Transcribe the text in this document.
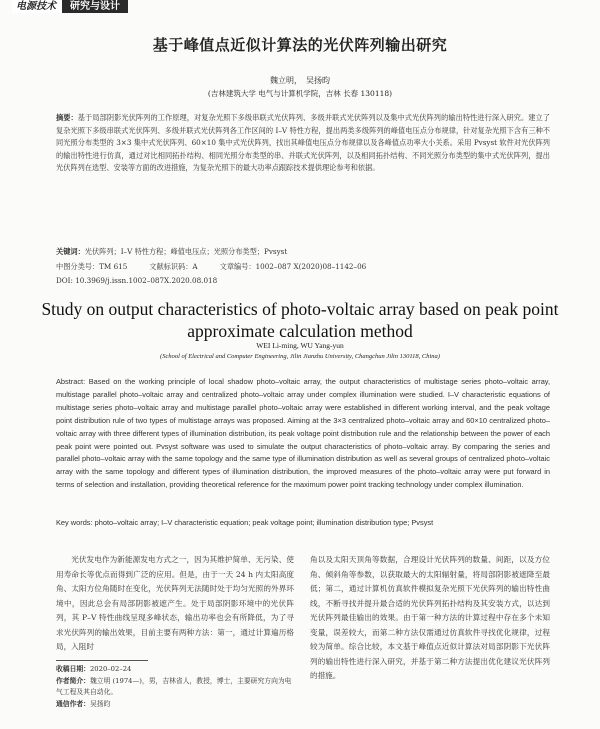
电源技术	研究与设计
基于峰值点近似计算法的光伏阵列输出研究
魏立明，　吴扬昀
(吉林建筑大学 电气与计算机学院，吉林 长春 130118)
摘要：基于局部阴影光伏阵列的工作原理，对复杂光照下多级串联式光伏阵列、多级并联式光伏阵列以及集中式光伏阵列的输出特性进行深入研究。建立了复杂光照下多级串联式光伏阵列、多级并联式光伏阵列各工作区间的 I–V 特性方程，提出两类多级阵列的峰值电压点分布规律，针对复杂光照下含有三种不同光照分布类型的 3×3 集中式光伏阵列、60×10 集中式光伏阵列，找出其峰值电压点分布规律以及各峰值点功率大小关系。采用 Pvsyst 软件对光伏阵列的输出特性进行仿真，通过对比相同拓扑结构、相同光照分布类型的串、并联式光伏阵列，以及相同拓扑结构、不同光照分布类型的集中式光伏阵列，提出光伏阵列在选型、安装等方面的改进措施，为复杂光照下的最大功率点跟踪技术提供理论参考和依据。
关键词：光伏阵列；I–V 特性方程；峰值电压点；光照分布类型；Pvsyst
中图分类号：TM 615	文献标识码：A	文章编号：1002–087 X(2020)08–1142–06
DOI: 10.3969/j.issn.1002–087X.2020.08.018
Study on output characteristics of photo-voltaic array based on peak point approximate calculation method
WEI Li-ming, WU Yang-yun
(School of Electrical and Computer Engineering, Jilin Jianzhu University, Changchun Jilin 130118, China)
Abstract: Based on the working principle of local shadow photo–voltaic array, the output characteristics of multistage series photo–voltaic array, multistage parallel photo–voltaic array and centralized photo–voltaic array under complex illumination were studied. I–V characteristic equations of multistage series photo–voltaic array and multistage parallel photo–voltaic array were established in different working interval, and the peak voltage point distribution rule of two types of multistage arrays was proposed. Aiming at the 3×3 centralized photo–voltaic array and 60×10 centralized photo–voltaic array with three different types of illumination distribution, its peak voltage point distribution rule and the relationship between the power of each peak point were pointed out. Pvsyst software was used to simulate the output characteristics of photo–voltaic array. By comparing the series and parallel photo–voltaic array with the same topology and the same type of illumination distribution as well as several groups of centralized photo–voltaic array with the same topology and different types of illumination distribution, the improved measures of the photo–voltaic array were put forward in terms of selection and installation, providing theoretical reference for the maximum power point tracking technology under complex illumination.
Key words: photo–voltaic array; I–V characteristic equation; peak voltage point; illumination distribution type; Pvsyst
光伏发电作为新能源发电方式之一，因为其维护简单、无污染、使用寿命长等优点而得到广泛的应用。但是，由于一天 24 h 内太阳高度角、太阳方位角随时在变化，光伏阵列无法随时处于均匀光照的外界环境中，因此总会有局部阴影被遮产生。处于局部阴影环境中的光伏阵列，其 P–V 特性曲线呈现多峰状态，输出功率也会有所降低，为了寻求光伏阵列的输出效果，目前主要有两种方法：第一，通过计算遍历格局，入阻时
角以及太阳天顶角等数据，合理设计光伏阵列的数量、间距，以及方位角、倾斜角等参数，以获取最大的太阳辐射量，将局部阴影被遮降至最低；第二，通过计算机仿真软件模拟复杂光照下光伏阵列的输出特性曲线，不断寻找并提升最合适的光伏阵列拓扑结构及其安装方式，以达到光伏阵列最佳输出的效果。由于第一种方法的计算过程中存在多个未知变量，误差较大，而第二种方法仅需通过仿真软件寻找优化规律，过程较为简单。综合比较，本文基于峰值点近似计算法对局部阴影下光伏阵列的输出特性进行深入研究，并基于第二种方法提出优化建议光伏阵列的措施。
收稿日期：2020–02–24
作者简介：魏立明 (1974—)，男，吉林省人，教授，博士，主要研究方向为电气工程及其自动化。
通信作者：吴扬昀
